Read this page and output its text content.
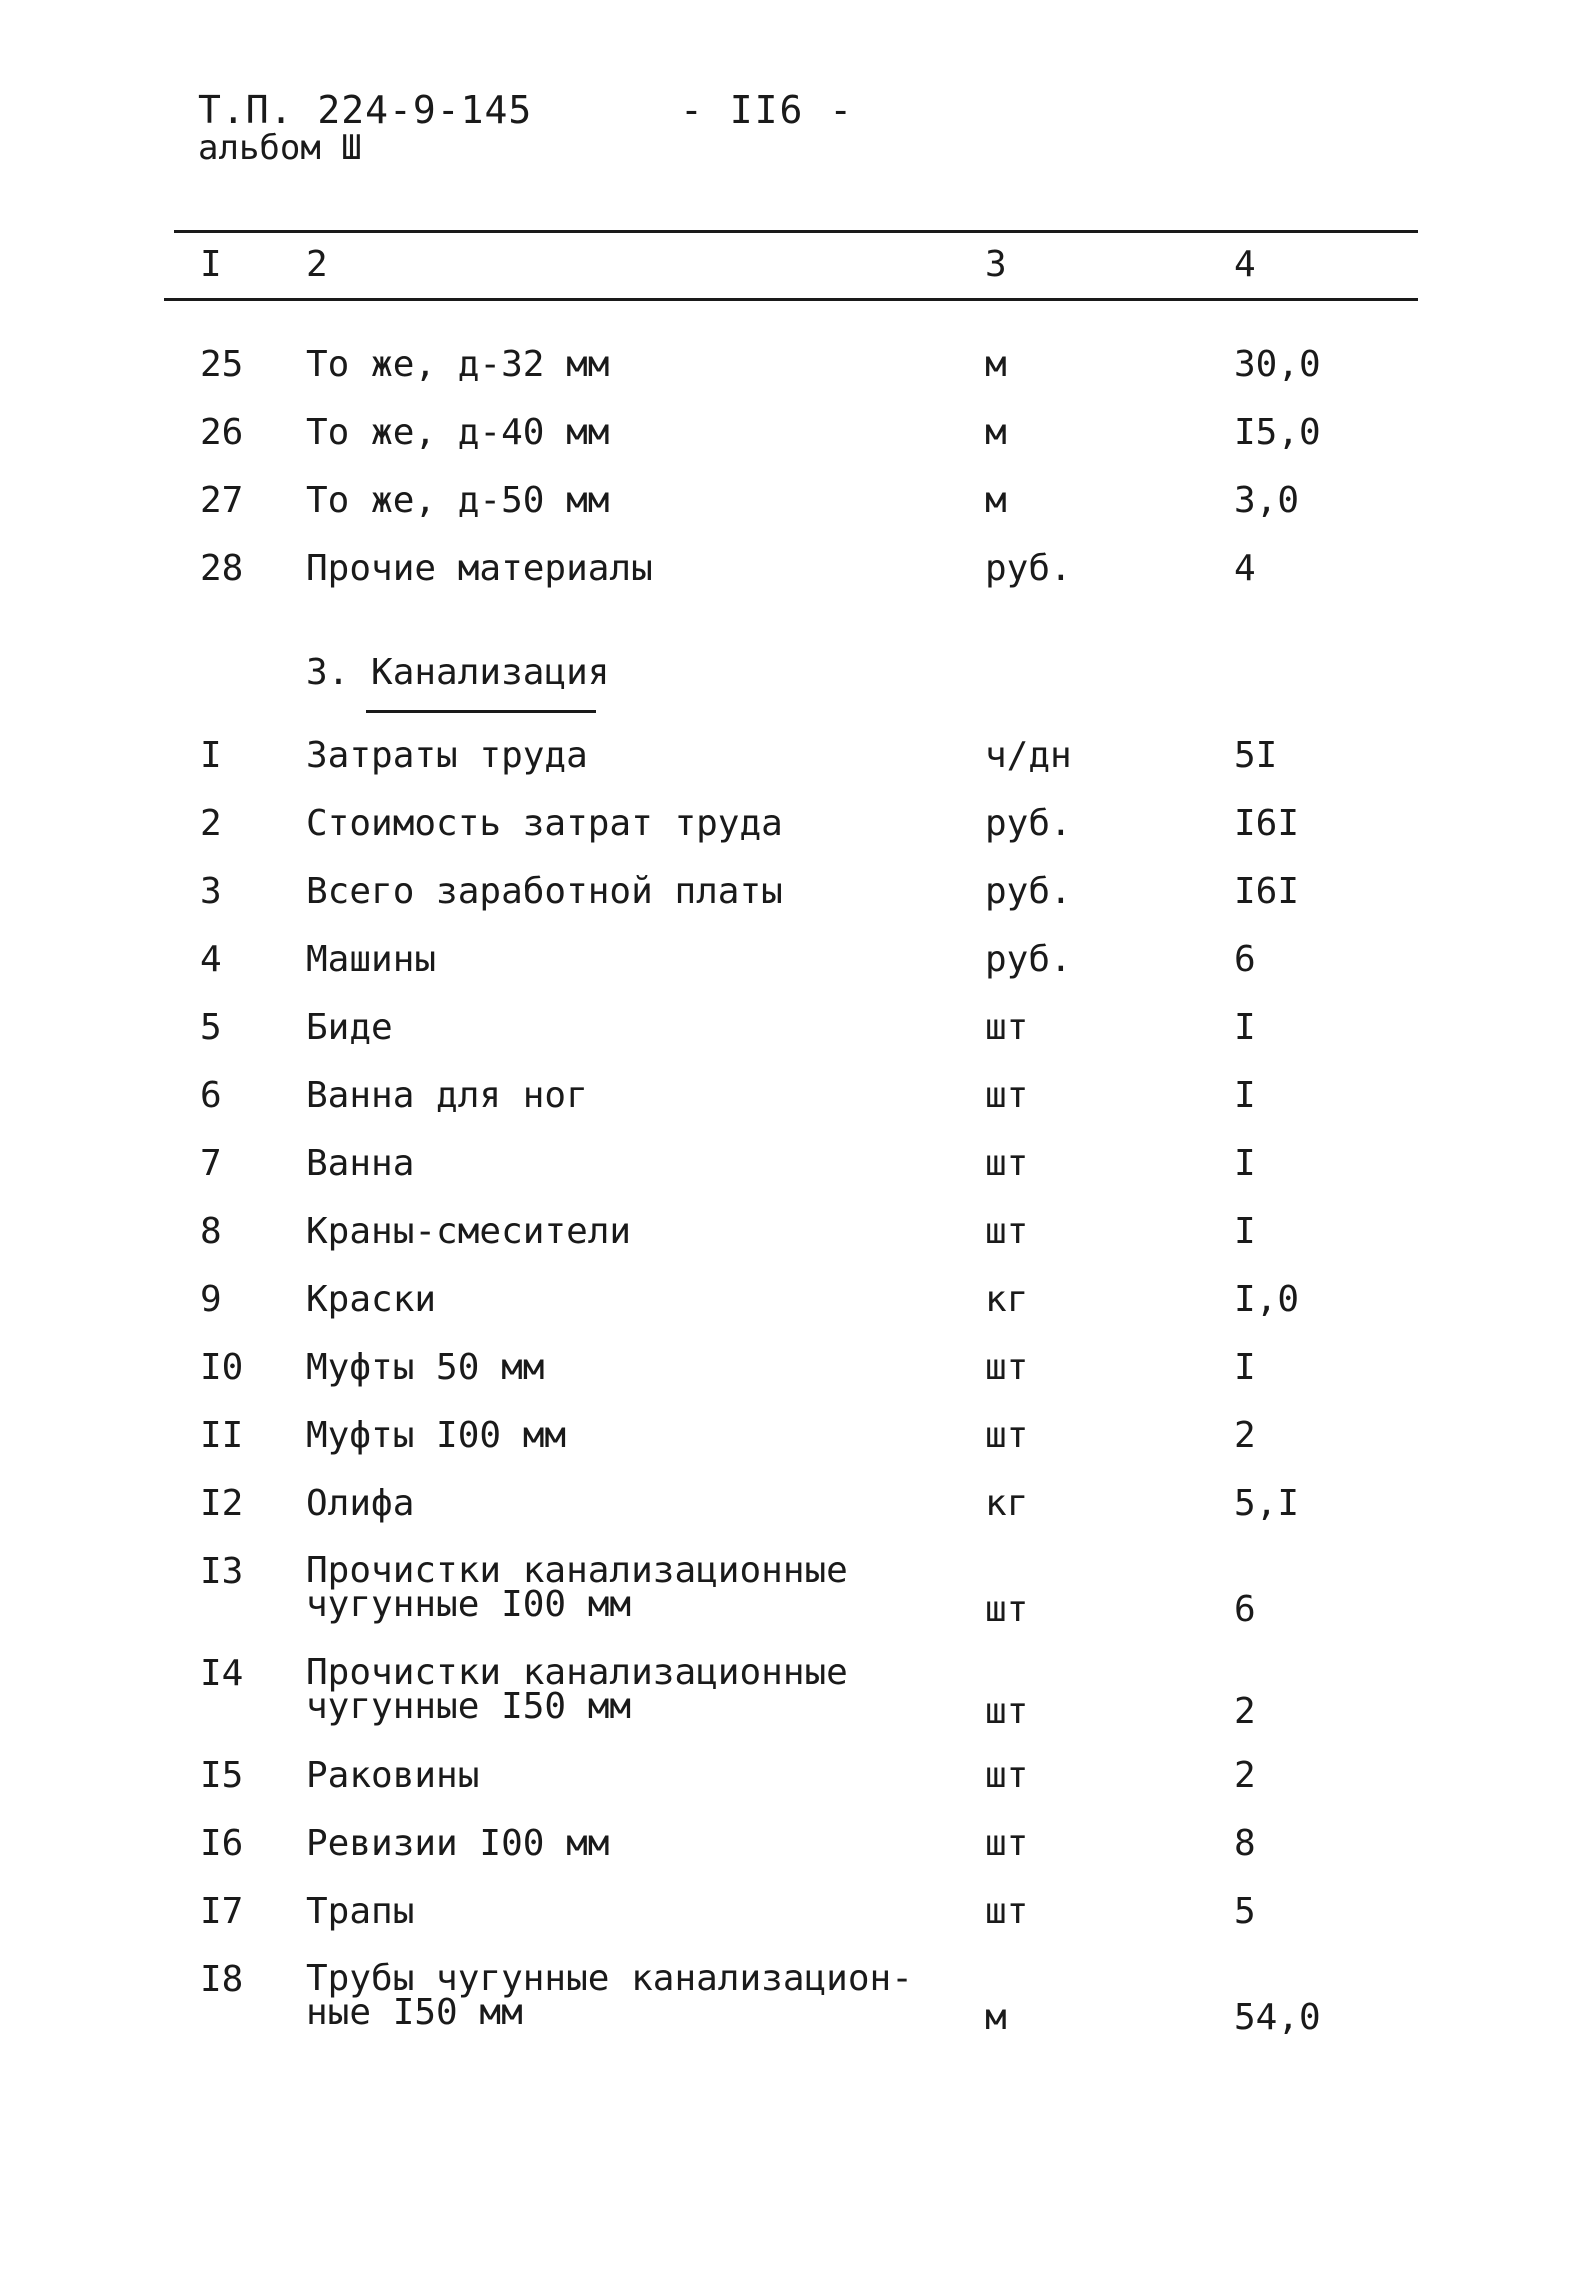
Т.П. 224-9-145	- II6 -
альбом Ш
I 2	3	4
25 То же, д-32 мм	м	30,0
26 То же, д-40 мм	м	I5,0
27 То же, д-50 мм	м	3,0
28 Прочие материалы	руб.	4
3. Канализация
I Затраты труда	ч/дн	5I
2 Стоимость затрат труда	руб.	I6I
3 Всего заработной платы	руб.	I6I
4 Машины	руб.	6
5 Биде	шт	I
6 Ванна для ног	шт	I
7 Ванна	шт	I
8 Краны-смесители	шт	I
9 Краски	кг	I,0
I0 Муфты 50 мм	шт	I
II Муфты I00 мм	шт	2
I2 Олифа	кг	5,I
I3 Прочистки канализационные
чугунные I00 мм	шт	6
I4 Прочистки канализационные
чугунные I50 мм	шт	2
I5 Раковины	шт	2
I6 Ревизии I00 мм	шт	8
I7 Трапы	шт	5
I8 Трубы чугунные канализацион-
ные I50 мм	м	54,0
